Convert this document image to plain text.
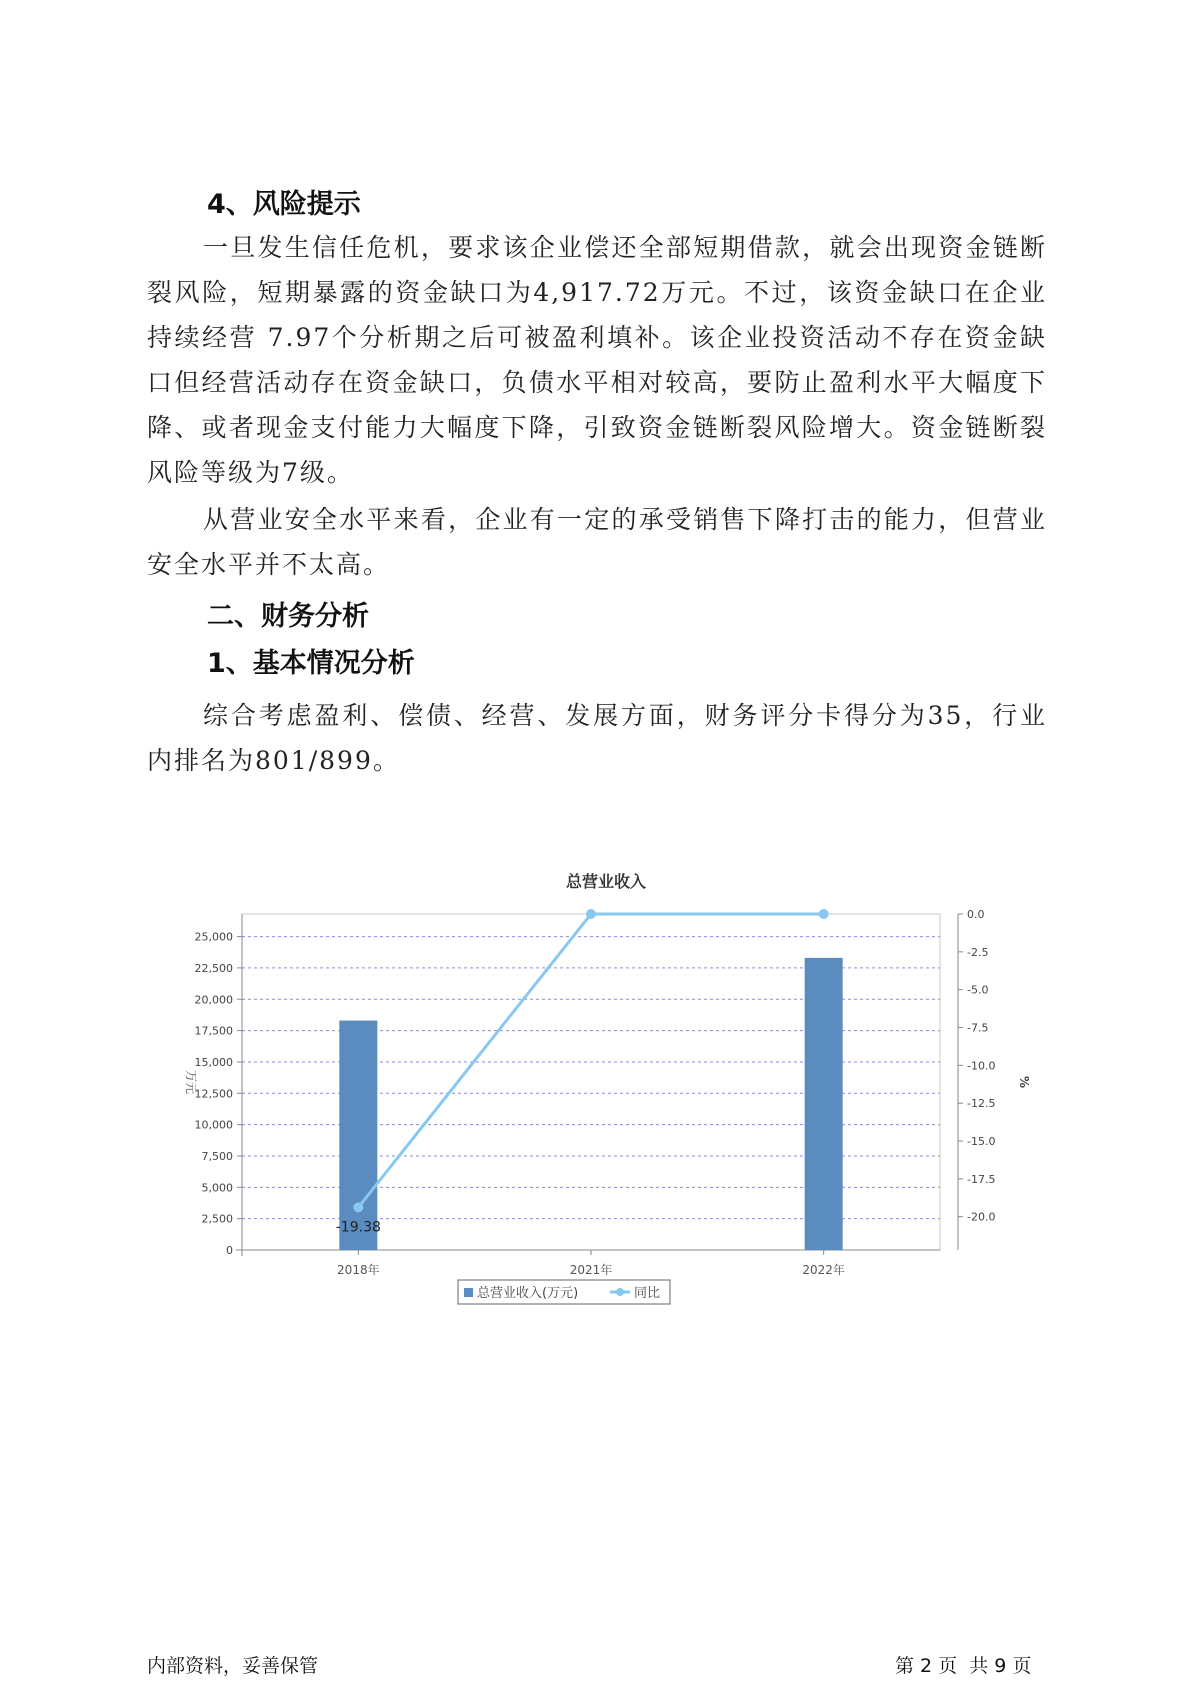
4、风险提示

一旦发生信任危机，要求该企业偿还全部短期借款，就会出现资金链断裂风险，短期暴露的资金缺口为4,917.72万元。不过，该资金缺口在企业持续经营 7.97个分析期之后可被盈利填补。该企业投资活动不存在资金缺口但经营活动存在资金缺口，负债水平相对较高，要防止盈利水平大幅度下降、或者现金支付能力大幅度下降，引致资金链断裂风险增大。资金链断裂风险等级为7级。

从营业安全水平来看，企业有一定的承受销售下降打击的能力，但营业安全水平并不太高。

二、财务分析
1、基本情况分析

综合考虑盈利、偿债、经营、发展方面，财务评分卡得分为35，行业内排名为801/899。

总营业收入
0
2,500
5,000
7,500
10,000
12,500
15,000
17,500
20,000
22,500
25,000
0.0
-2.5
-5.0
-7.5
-10.0
-12.5
-15.0
-17.5
-20.0
万元	%
2018年	2021年	2022年
-19.38
总营业收入(万元)	同比
内部资料，妥善保管	第 2 页  共 9 页
